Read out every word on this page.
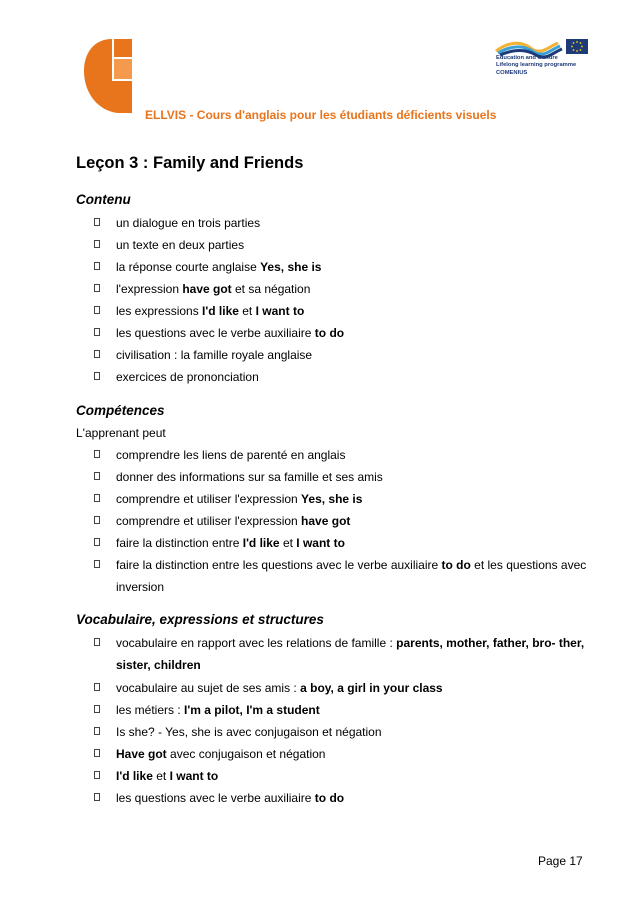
Education and Culture
Lifelong learning programme
COMENIUS
ELLVIS - Cours d'anglais pour les étudiants déficients visuels
Leçon 3 : Family and Friends
Contenu
un dialogue en trois parties
un texte en deux parties
la réponse courte anglaise Yes, she is
l'expression have got et sa négation
les expressions I'd like et I want to
les questions avec le verbe auxiliaire to do
civilisation : la famille royale anglaise
exercices de prononciation
Compétences
L'apprenant peut
comprendre les liens de parenté en anglais
donner des informations sur sa famille et ses amis
comprendre et utiliser l'expression Yes, she is
comprendre et utiliser l'expression have got
faire la distinction entre I'd like et I want to
faire la distinction entre les questions avec le verbe auxiliaire to do et les questions avec inversion
Vocabulaire, expressions et structures
vocabulaire en rapport avec les relations de famille : parents, mother, father, bro- ther, sister, children
vocabulaire au sujet de ses amis : a boy, a girl in your class
les métiers : I'm a pilot, I'm a student
Is she? - Yes, she is avec conjugaison et négation
Have got avec conjugaison et négation
I'd like et I want to
les questions avec le verbe auxiliaire to do
Page 17
